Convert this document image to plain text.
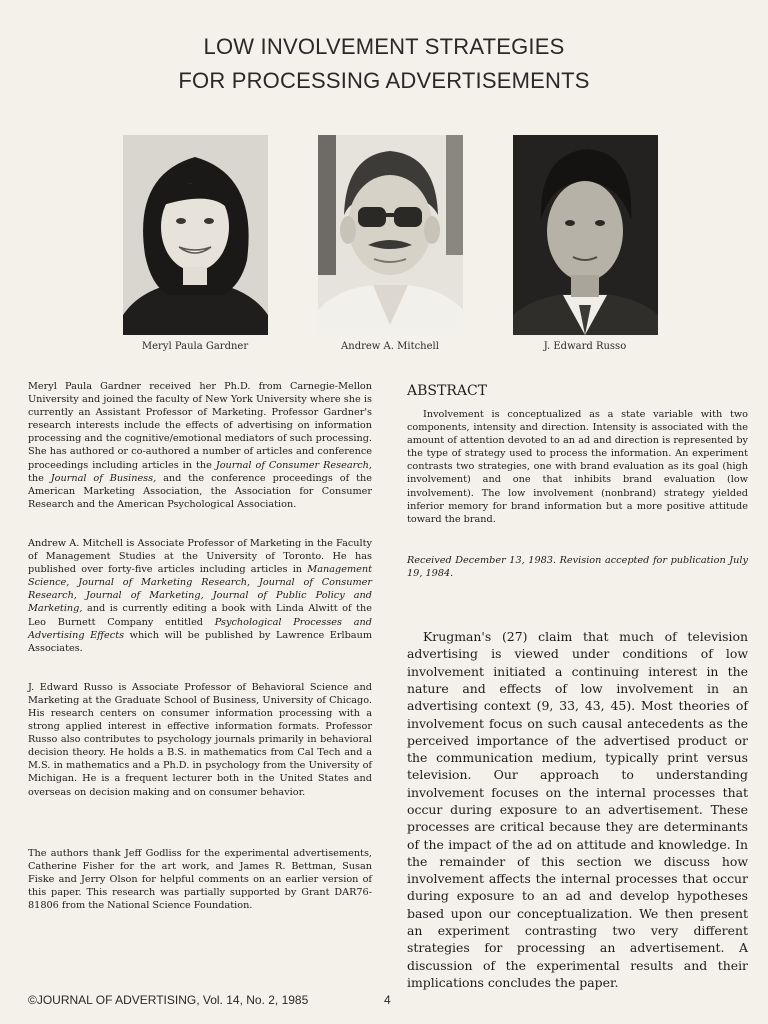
LOW INVOLVEMENT STRATEGIES
FOR PROCESSING ADVERTISEMENTS
Meryl Paula Gardner	Andrew A. Mitchell	J. Edward Russo

Meryl Paula Gardner received her Ph.D. from Carnegie-Mellon University and joined the faculty of New York University where she is currently an Assistant Professor of Marketing. Professor Gardner's research interests include the effects of advertising on information processing and the cognitive/emotional mediators of such processing. She has authored or co-authored a number of articles and conference proceedings including articles in the Journal of Consumer Research, the Journal of Business, and the conference proceedings of the American Marketing Association, the Association for Consumer Research and the American Psychological Association.

Andrew A. Mitchell is Associate Professor of Marketing in the Faculty of Management Studies at the University of Toronto. He has published over forty-five articles including articles in Management Science, Journal of Marketing Research, Journal of Consumer Research, Journal of Marketing, Journal of Public Policy and Marketing, and is currently editing a book with Linda Alwitt of the Leo Burnett Company entitled Psychological Processes and Advertising Effects which will be published by Lawrence Erlbaum Associates.

J. Edward Russo is Associate Professor of Behavioral Science and Marketing at the Graduate School of Business, University of Chicago. His research centers on consumer information processing with a strong applied interest in effective information formats. Professor Russo also contributes to psychology journals primarily in behavioral decision theory. He holds a B.S. in mathematics from Cal Tech and a M.S. in mathematics and a Ph.D. in psychology from the University of Michigan. He is a frequent lecturer both in the United States and overseas on decision making and on consumer behavior.

The authors thank Jeff Godliss for the experimental advertisements, Catherine Fisher for the art work, and James R. Bettman, Susan Fiske and Jerry Olson for helpful comments on an earlier version of this paper. This research was partially supported by Grant DAR76-81806 from the National Science Foundation.

ABSTRACT

Involvement is conceptualized as a state variable with two components, intensity and direction. Intensity is associated with the amount of attention devoted to an ad and direction is represented by the type of strategy used to process the information. An experiment contrasts two strategies, one with brand evaluation as its goal (high involvement) and one that inhibits brand evaluation (low involvement). The low involvement (nonbrand) strategy yielded inferior memory for brand information but a more positive attitude toward the brand.

Received December 13, 1983. Revision accepted for publication July 19, 1984.

Krugman's (27) claim that much of television advertising is viewed under conditions of low involvement initiated a continuing interest in the nature and effects of low involvement in an advertising context (9, 33, 43, 45). Most theories of involvement focus on such causal antecedents as the perceived importance of the advertised product or the communication medium, typically print versus television. Our approach to understanding involvement focuses on the internal processes that occur during exposure to an advertisement. These processes are critical because they are determinants of the impact of the ad on attitude and knowledge. In the remainder of this section we discuss how involvement affects the internal processes that occur during exposure to an ad and develop hypotheses based upon our conceptualization. We then present an experiment contrasting two very different strategies for processing an advertisement. A discussion of the experimental results and their implications concludes the paper.

©JOURNAL OF ADVERTISING, Vol. 14, No. 2, 1985	4
